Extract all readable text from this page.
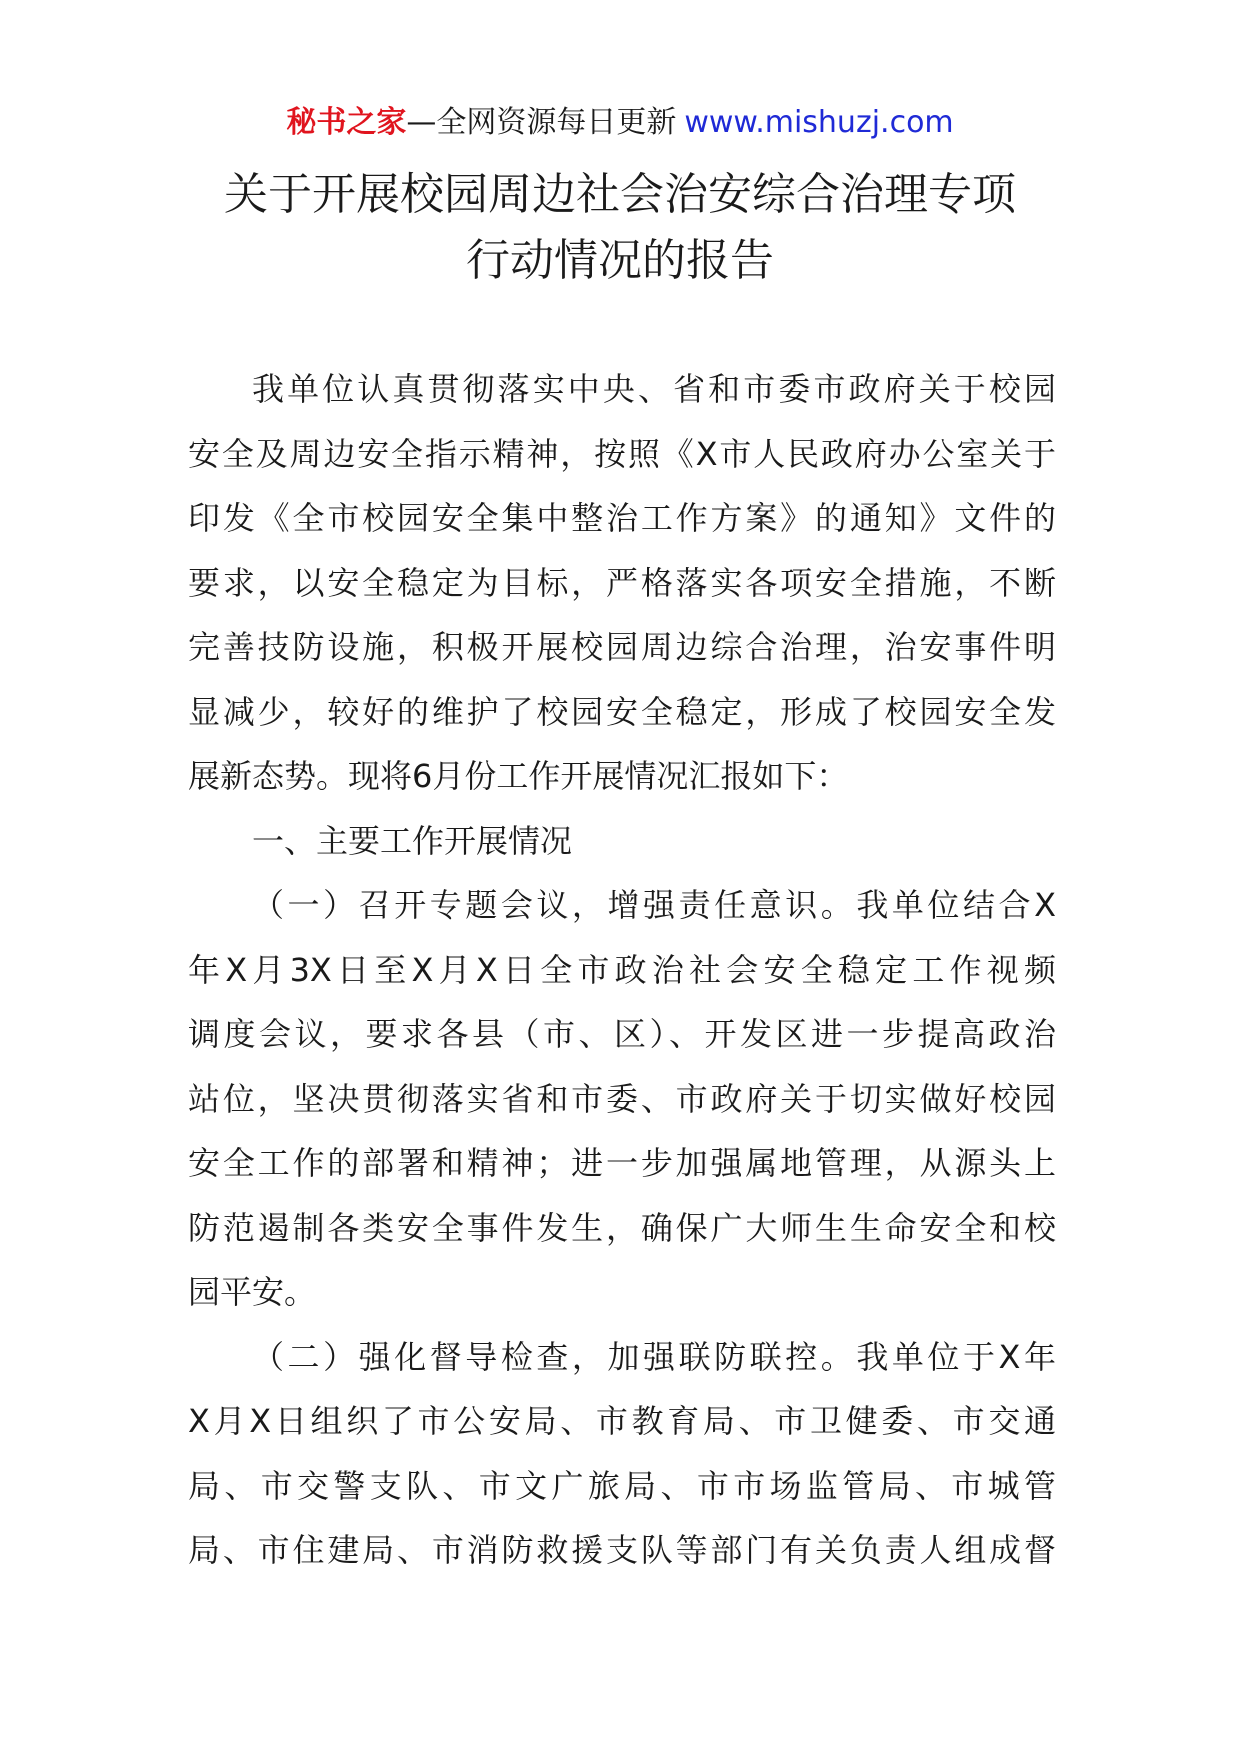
秘书之家—全网资源每日更新 www.mishuzj.com
关于开展校园周边社会治安综合治理专项
行动情况的报告
我单位认真贯彻落实中央、省和市委市政府关于校园
安全及周边安全指示精神，按照《X市人民政府办公室关于
印发《全市校园安全集中整治工作方案》的通知》文件的
要求，以安全稳定为目标，严格落实各项安全措施，不断
完善技防设施，积极开展校园周边综合治理，治安事件明
显减少，较好的维护了校园安全稳定，形成了校园安全发
展新态势。现将6月份工作开展情况汇报如下：
一、主要工作开展情况
（一）召开专题会议，增强责任意识。我单位结合X
年X月3X日至X月X日全市政治社会安全稳定工作视频
调度会议，要求各县（市、区）、开发区进一步提高政治
站位，坚决贯彻落实省和市委、市政府关于切实做好校园
安全工作的部署和精神；进一步加强属地管理，从源头上
防范遏制各类安全事件发生，确保广大师生生命安全和校
园平安。
（二）强化督导检查，加强联防联控。我单位于X年
X月X日组织了市公安局、市教育局、市卫健委、市交通
局、市交警支队、市文广旅局、市市场监管局、市城管
局、市住建局、市消防救援支队等部门有关负责人组成督
